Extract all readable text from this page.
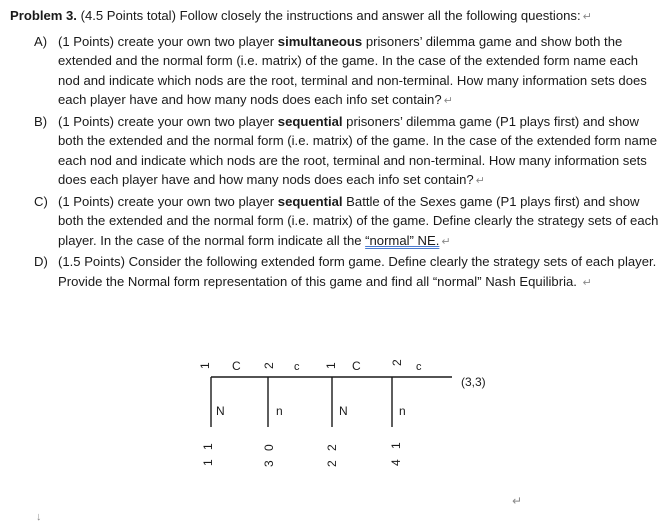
Problem 3. (4.5 Points total) Follow closely the instructions and answer all the following questions: ↵

A) (1 Points) create your own two player simultaneous prisoners’ dilemma game and show both the extended and the normal form (i.e. matrix) of the game. In the case of the extended form name each nod and indicate which nods are the root, terminal and non-terminal. How many information sets does each player have and how many nods does each info set contain? ↵

B) (1 Points) create your own two player sequential prisoners’ dilemma game (P1 plays first) and show both the extended and the normal form (i.e. matrix) of the game. In the case of the extended form name each nod and indicate which nods are the root, terminal and non-terminal. How many information sets does each player have and how many nods does each info set contain? ↵

C) (1 Points) create your own two player sequential Battle of the Sexes game (P1 plays first) and show both the extended and the normal form (i.e. matrix) of the game. Define clearly the strategy sets of each player. In the case of the normal form indicate all the “normal” NE. ↵

D) (1.5 Points) Consider the following extended form game. Define clearly the strategy sets of each player. Provide the Normal form representation of this game and find all “normal” Nash Equilibria. ↵

1	2	1	2
C	c	C	c
N	n	N	n
1
1
0
3
2
2
1
4
(3,3)
↓
↵
